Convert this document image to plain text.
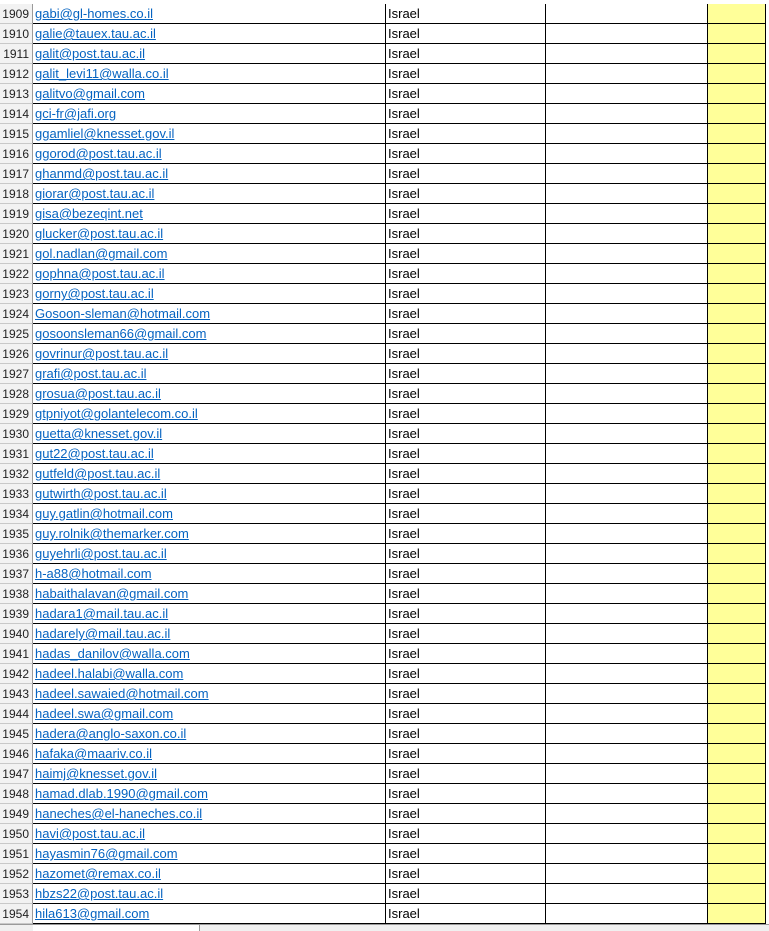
1909 gabi@gl-homes.co.il	Israel
1910 galie@tauex.tau.ac.il	Israel
1911 galit@post.tau.ac.il	Israel
1912 galit_levi11@walla.co.il	Israel
1913 galitvo@gmail.com	Israel
1914 gci-fr@jafi.org	Israel
1915 ggamliel@knesset.gov.il	Israel
1916 ggorod@post.tau.ac.il	Israel
1917 ghanmd@post.tau.ac.il	Israel
1918 giorar@post.tau.ac.il	Israel
1919 gisa@bezeqint.net	Israel
1920 glucker@post.tau.ac.il	Israel
1921 gol.nadlan@gmail.com	Israel
1922 gophna@post.tau.ac.il	Israel
1923 gorny@post.tau.ac.il	Israel
1924 Gosoon-sleman@hotmail.com	Israel
1925 gosoonsleman66@gmail.com	Israel
1926 govrinur@post.tau.ac.il	Israel
1927 grafi@post.tau.ac.il	Israel
1928 grosua@post.tau.ac.il	Israel
1929 gtpniyot@golantelecom.co.il	Israel
1930 guetta@knesset.gov.il	Israel
1931 gut22@post.tau.ac.il	Israel
1932 gutfeld@post.tau.ac.il	Israel
1933 gutwirth@post.tau.ac.il	Israel
1934 guy.gatlin@hotmail.com	Israel
1935 guy.rolnik@themarker.com	Israel
1936 guyehrli@post.tau.ac.il	Israel
1937 h-a88@hotmail.com	Israel
1938 habaithalavan@gmail.com	Israel
1939 hadara1@mail.tau.ac.il	Israel
1940 hadarely@mail.tau.ac.il	Israel
1941 hadas_danilov@walla.com	Israel
1942 hadeel.halabi@walla.com	Israel
1943 hadeel.sawaied@hotmail.com	Israel
1944 hadeel.swa@gmail.com	Israel
1945 hadera@anglo-saxon.co.il	Israel
1946 hafaka@maariv.co.il	Israel
1947 haimj@knesset.gov.il	Israel
1948 hamad.dlab.1990@gmail.com	Israel
1949 haneches@el-haneches.co.il	Israel
1950 havi@post.tau.ac.il	Israel
1951 hayasmin76@gmail.com	Israel
1952 hazomet@remax.co.il	Israel
1953 hbzs22@post.tau.ac.il	Israel
1954 hila613@gmail.com	Israel
